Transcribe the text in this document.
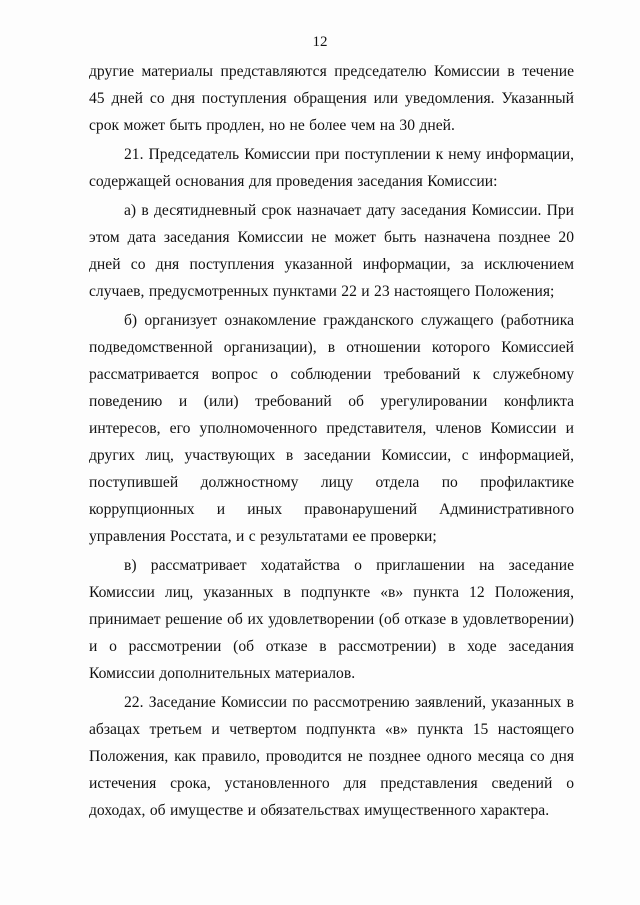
12

другие материалы представляются председателю Комиссии в течение 45 дней со дня поступления обращения или уведомления. Указанный срок может быть продлен, но не более чем на 30 дней.

21. Председатель Комиссии при поступлении к нему информации, содержащей основания для проведения заседания Комиссии:

а) в десятидневный срок назначает дату заседания Комиссии. При этом дата заседания Комиссии не может быть назначена позднее 20 дней со дня поступления указанной информации, за исключением случаев, предусмотренных пунктами 22 и 23 настоящего Положения;

б) организует ознакомление гражданского служащего (работника подведомственной организации), в отношении которого Комиссией рассматривается вопрос о соблюдении требований к служебному поведению и (или) требований об урегулировании конфликта интересов, его уполномоченного представителя, членов Комиссии и других лиц, участвующих в заседании Комиссии, с информацией, поступившей должностному лицу отдела по профилактике коррупционных и иных правонарушений Административного управления Росстата, и с результатами ее проверки;

в) рассматривает ходатайства о приглашении на заседание Комиссии лиц, указанных в подпункте «в» пункта 12 Положения, принимает решение об их удовлетворении (об отказе в удовлетворении) и о рассмотрении (об отказе в рассмотрении) в ходе заседания Комиссии дополнительных материалов.

22. Заседание Комиссии по рассмотрению заявлений, указанных в абзацах третьем и четвертом подпункта «в» пункта 15 настоящего Положения, как правило, проводится не позднее одного месяца со дня истечения срока, установленного для представления сведений о доходах, об имуществе и обязательствах имущественного характера.
